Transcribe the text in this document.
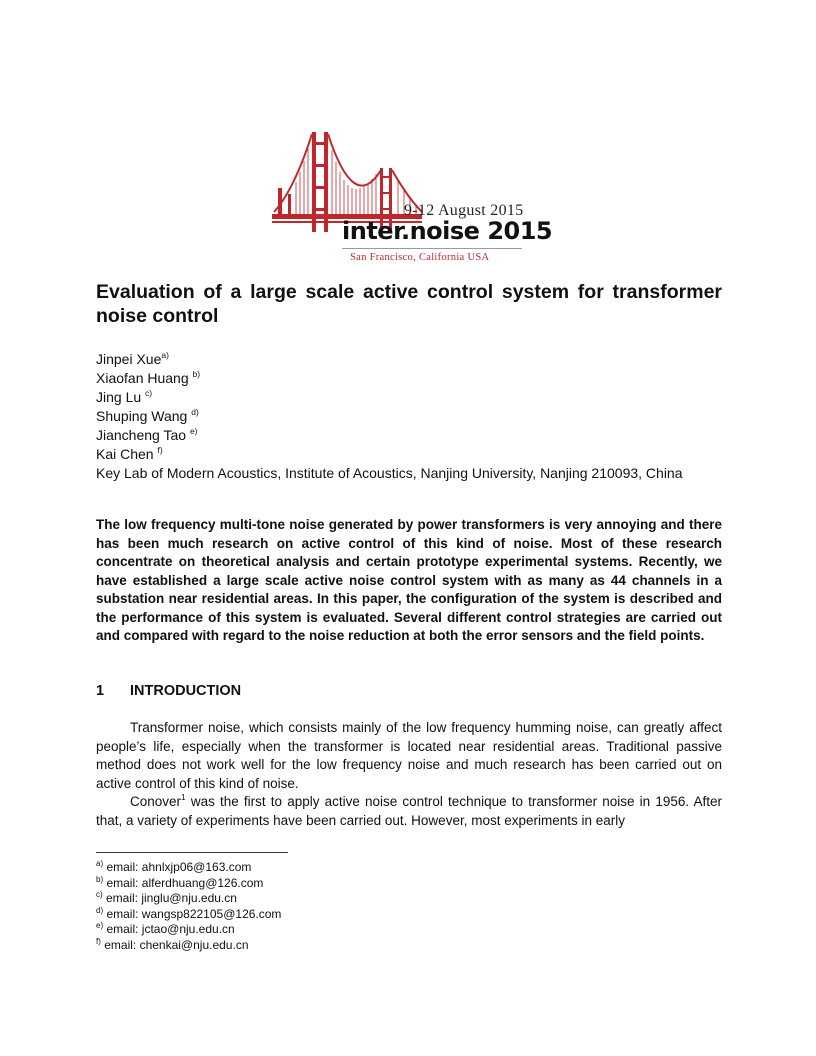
9-12 August 2015
inter.noise 2015
San Francisco, California USA
Evaluation of a large scale active control system for transformer noise control
Jinpei Xue$^{a)}$
Xiaofan Huang $^{b)}$
Jing Lu $^{c)}$
Shuping Wang $^{d)}$
Jiancheng Tao $^{e)}$
Kai Chen $^{f)}$
Key Lab of Modern Acoustics, Institute of Acoustics, Nanjing University, Nanjing 210093, China

The low frequency multi-tone noise generated by power transformers is very annoying and there has been much research on active control of this kind of noise. Most of these research concentrate on theoretical analysis and certain prototype experimental systems. Recently, we have established a large scale active noise control system with as many as 44 channels in a substation near residential areas. In this paper, the configuration of the system is described and the performance of this system is evaluated. Several different control strategies are carried out and compared with regard to the noise reduction at both the error sensors and the field points.

1 INTRODUCTION

Transformer noise, which consists mainly of the low frequency humming noise, can greatly affect people’s life, especially when the transformer is located near residential areas. Traditional passive method does not work well for the low frequency noise and much research has been carried out on active control of this kind of noise.

Conover$^1$ was the first to apply active noise control technique to transformer noise in 1956. After that, a variety of experiments have been carried out. However, most experiments in early

$^{a)}$ email: ahnlxjp06@163.com
$^{b)}$ email: alferdhuang@126.com
$^{c)}$ email: jinglu@nju.edu.cn
$^{d)}$ email: wangsp822105@126.com
$^{e)}$ email: jctao@nju.edu.cn
$^{f)}$ email: chenkai@nju.edu.cn
